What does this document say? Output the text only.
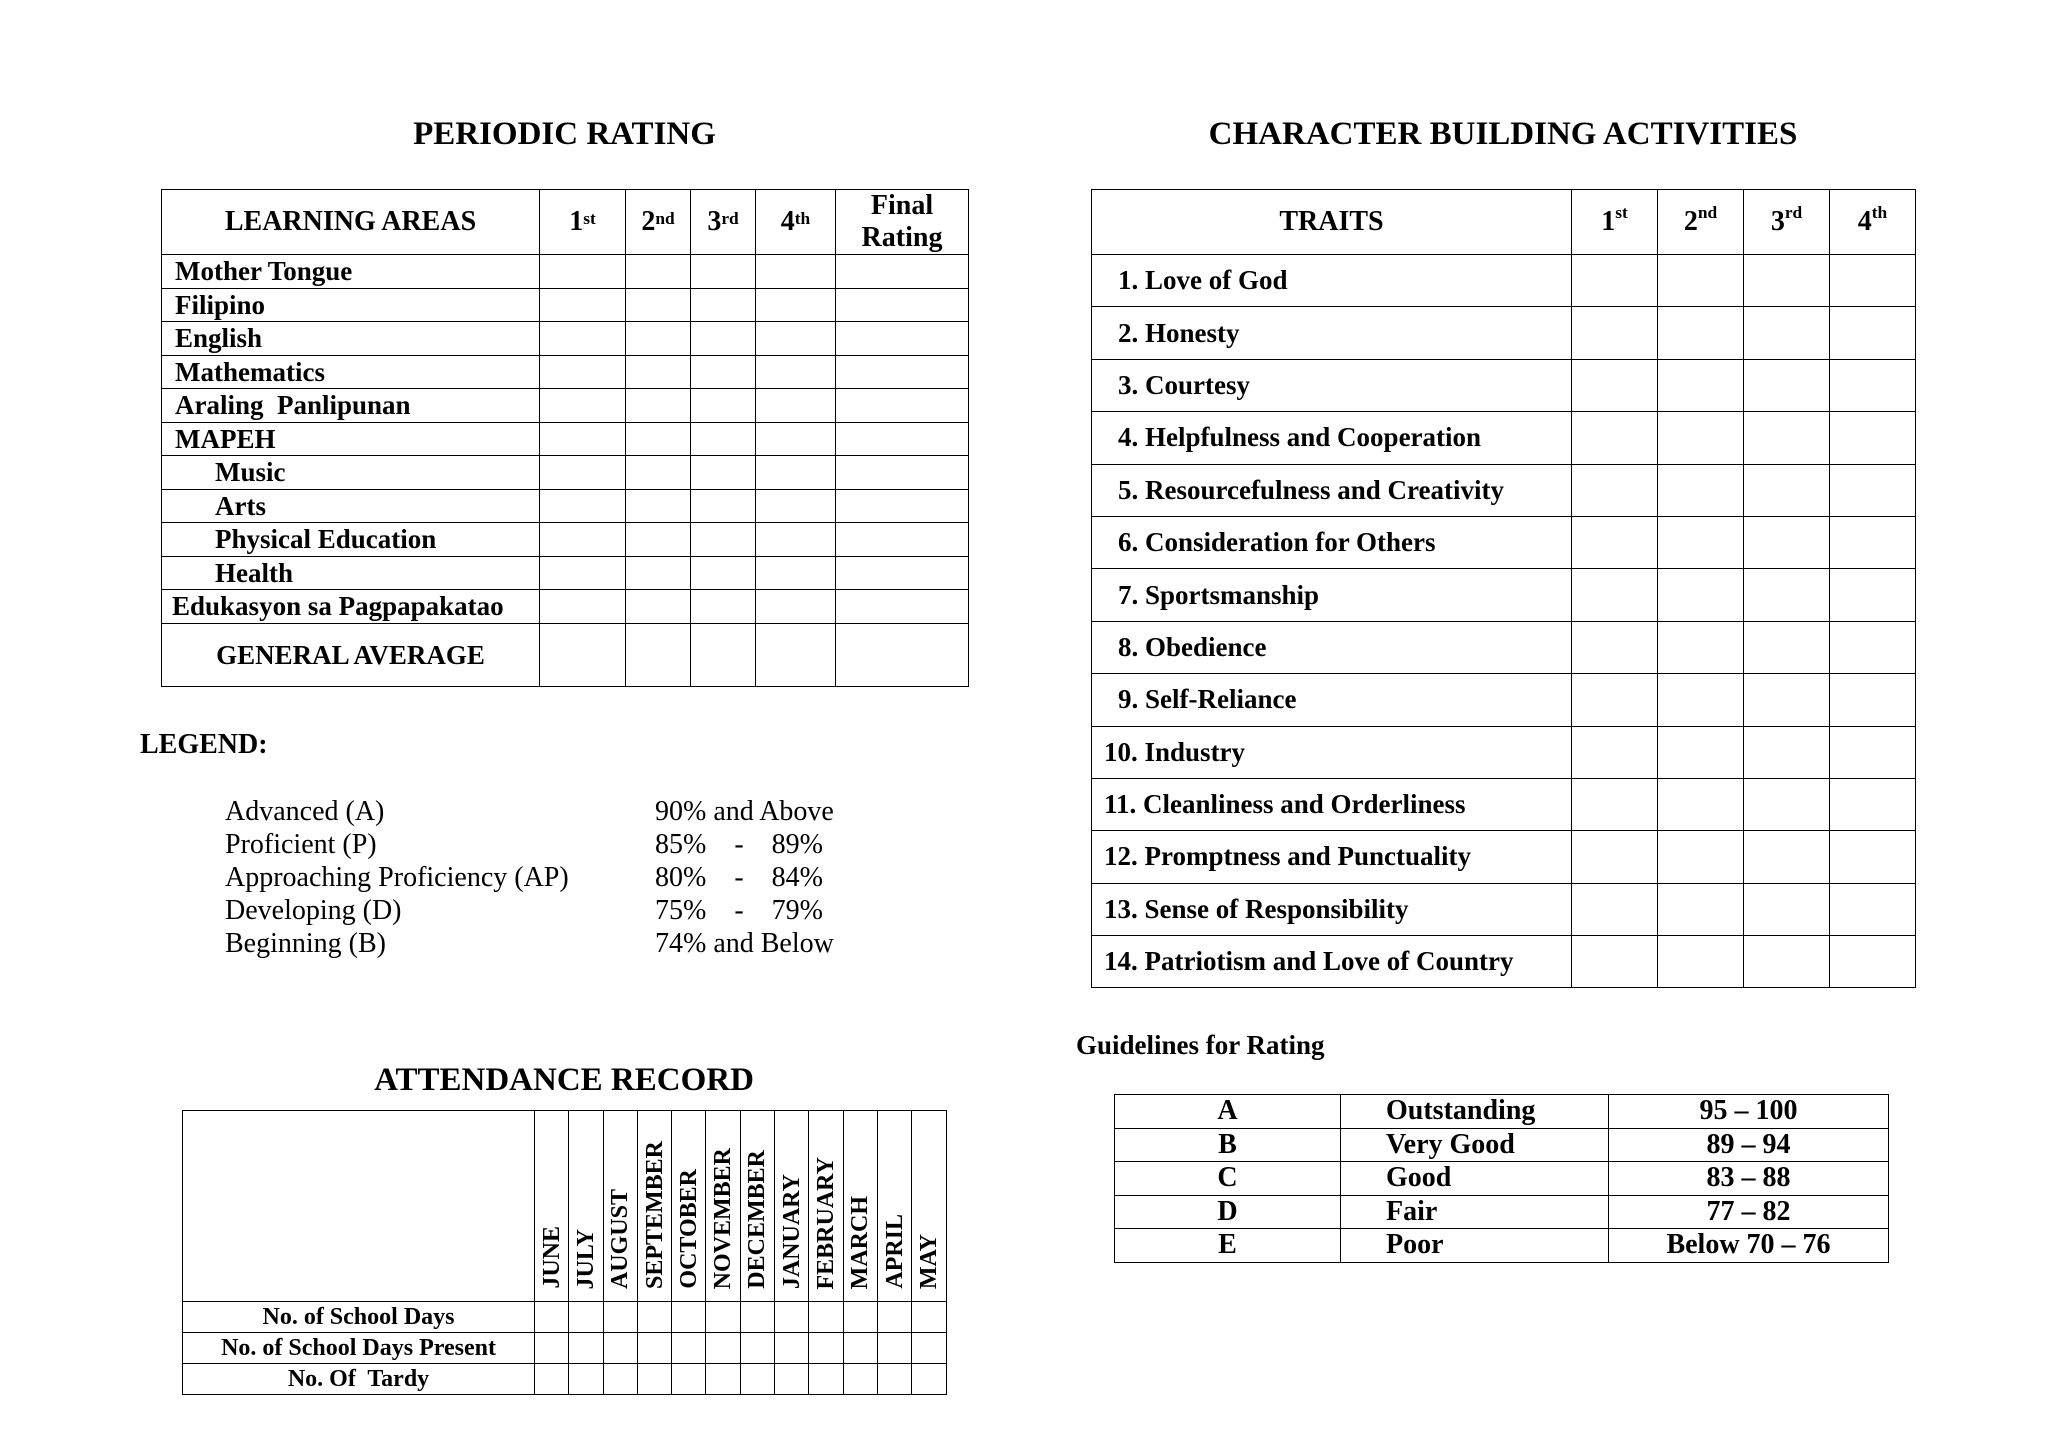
PERIODIC RATING
LEARNING AREAS	1st	2nd	3rd	4th	Final
Rating
Mother Tongue					
Filipino					
English					
Mathematics					
Araling  Panlipunan					
MAPEH					
Music					
Arts					
Physical Education					
Health					
Edukasyon sa Pagpapakatao					
GENERAL AVERAGE					
LEGEND:
Advanced (A)	90% and Above
Proficient (P)	85%    -    89%
Approaching Proficiency (AP)	80%    -    84%
Developing (D)	75%    -    79%
Beginning (B)	74% and Below
ATTENDANCE RECORD

	JUNE	JULY	AUGUST	SEPTEMBER	OCTOBER	NOVEMBER	DECEMBER	JANUARY	FEBRUARY	MARCH	APRIL	MAY

No. of School Days												
No. of School Days Present												
No. Of  Tardy												
CHARACTER BUILDING ACTIVITIES
TRAITS	1st	2nd	3rd	4th
1. Love of God				
2. Honesty				
3. Courtesy				
4. Helpfulness and Cooperation				
5. Resourcefulness and Creativity				
6. Consideration for Others				
7. Sportsmanship				
8. Obedience				
9. Self-Reliance				
10. Industry				
11. Cleanliness and Orderliness				
12. Promptness and Punctuality				
13. Sense of Responsibility				
14. Patriotism and Love of Country				
Guidelines for Rating
A	Outstanding	95 – 100
B	Very Good	89 – 94
C	Good	83 – 88
D	Fair	77 – 82
E	Poor	Below 70 – 76
